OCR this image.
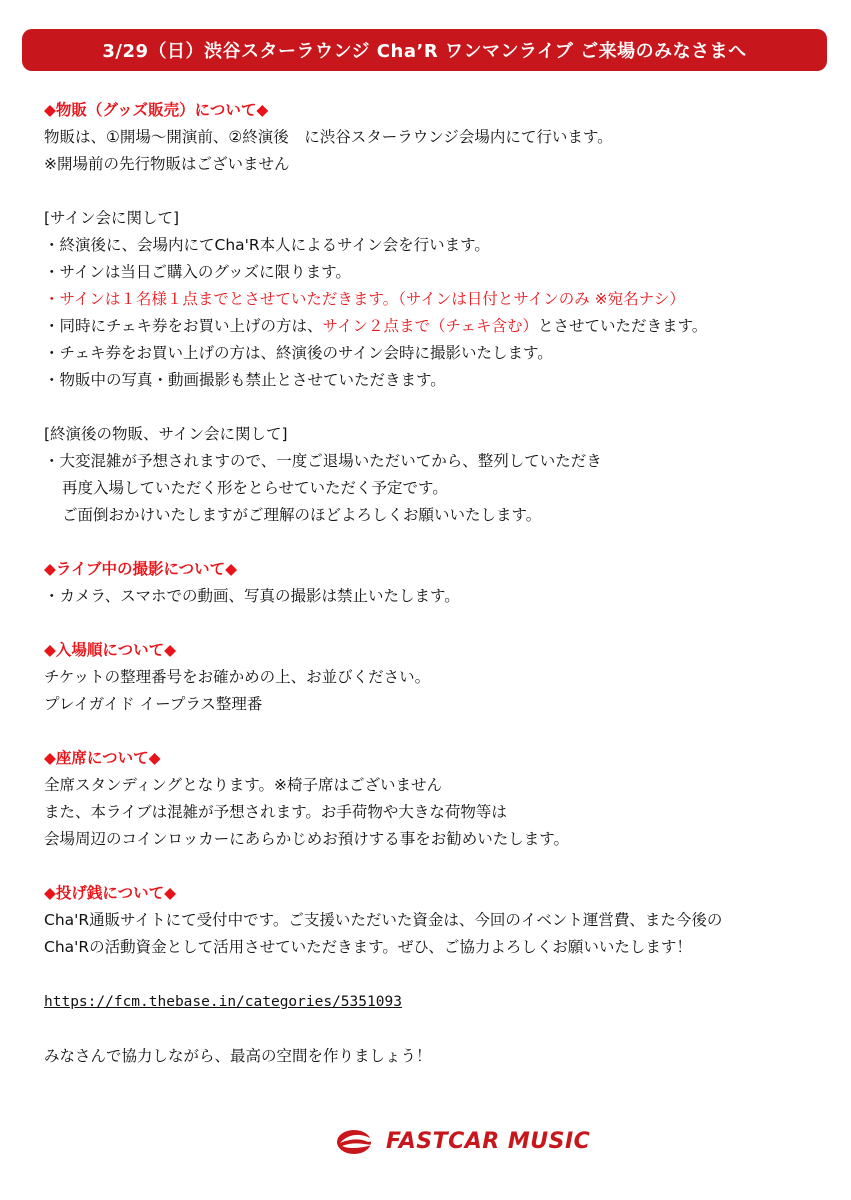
3/29（日）渋谷スターラウンジ Cha’R ワンマンライブ ご来場のみなさまへ
◆物販（グッズ販売）について◆
物販は、①開場～開演前、②終演後　に渋谷スターラウンジ会場内にて行います。
※開場前の先行物販はございません
[サイン会に関して]
・終演後に、会場内にてCha'R本人によるサイン会を行います。
・サインは当日ご購入のグッズに限ります。
・サインは１名様１点までとさせていただきます。（サインは日付とサインのみ ※宛名ナシ）
・同時にチェキ券をお買い上げの方は、サイン２点まで（チェキ含む）とさせていただきます。
・チェキ券をお買い上げの方は、終演後のサイン会時に撮影いたします。
・物販中の写真・動画撮影も禁止とさせていただきます。
[終演後の物販、サイン会に関して]
・大変混雑が予想されますので、一度ご退場いただいてから、整列していただき
再度入場していただく形をとらせていただく予定です。
ご面倒おかけいたしますがご理解のほどよろしくお願いいたします。
◆ライブ中の撮影について◆
・カメラ、スマホでの動画、写真の撮影は禁止いたします。
◆入場順について◆
チケットの整理番号をお確かめの上、お並びください。
プレイガイド イープラス整理番
◆座席について◆
全席スタンディングとなります。※椅子席はございません
また、本ライブは混雑が予想されます。お手荷物や大きな荷物等は
会場周辺のコインロッカーにあらかじめお預けする事をお勧めいたします。
◆投げ銭について◆
Cha'R通販サイトにて受付中です。ご支援いただいた資金は、今回のイベント運営費、また今後の
Cha'Rの活動資金として活用させていただきます。ぜひ、ご協力よろしくお願いいたします！
https://fcm.thebase.in/categories/5351093
みなさんで協力しながら、最高の空間を作りましょう！
FASTCAR MUSIC
